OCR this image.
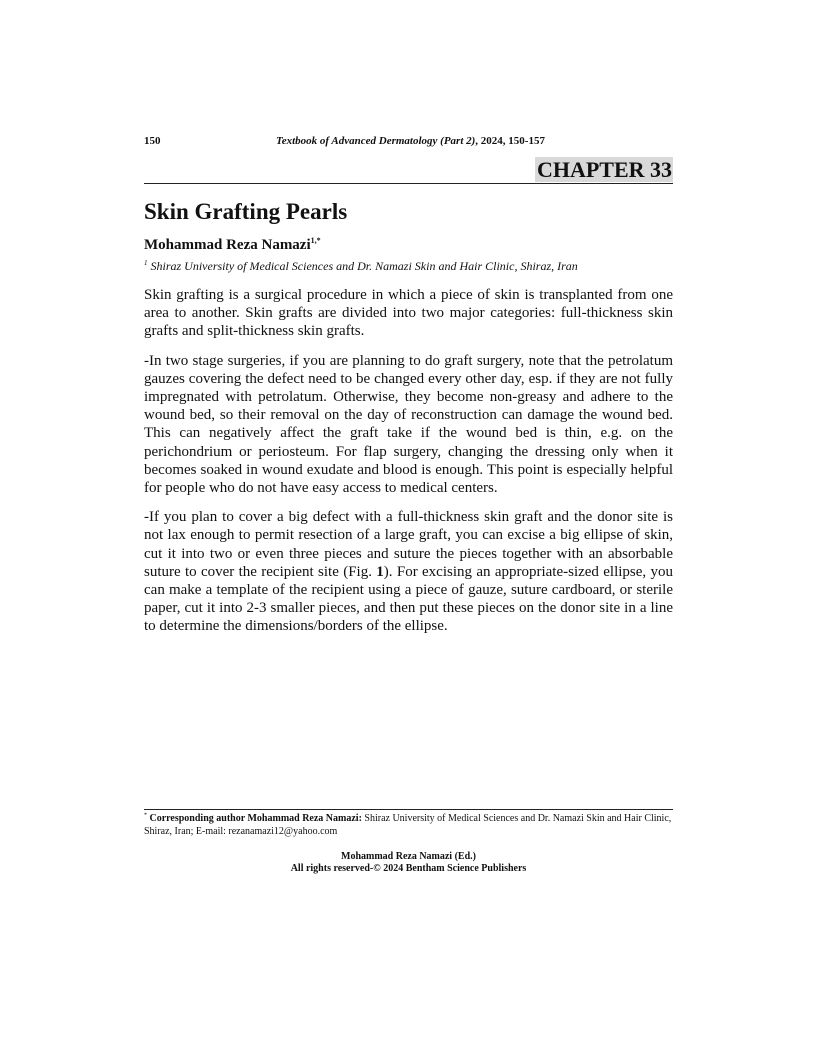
150	Textbook of Advanced Dermatology (Part 2), 2024, 150-157
CHAPTER 33
Skin Grafting Pearls
Mohammad Reza Namazi$^{1,*}$
$^1$ Shiraz University of Medical Sciences and Dr. Namazi Skin and Hair Clinic, Shiraz, Iran

Skin grafting is a surgical procedure in which a piece of skin is transplanted from one area to another. Skin grafts are divided into two major categories: full-thickness skin grafts and split-thickness skin grafts.

-In two stage surgeries, if you are planning to do graft surgery, note that the petrolatum gauzes covering the defect need to be changed every other day, esp. if they are not fully impregnated with petrolatum. Otherwise, they become non-greasy and adhere to the wound bed, so their removal on the day of reconstruction can damage the wound bed. This can negatively affect the graft take if the wound bed is thin, e.g. on the perichondrium or periosteum. For flap surgery, changing the dressing only when it becomes soaked in wound exudate and blood is enough. This point is especially helpful for people who do not have easy access to medical centers.

-If you plan to cover a big defect with a full-thickness skin graft and the donor site is not lax enough to permit resection of a large graft, you can excise a big ellipse of skin, cut it into two or even three pieces and suture the pieces together with an absorbable suture to cover the recipient site (Fig. 1). For excising an appropriate-sized ellipse, you can make a template of the recipient using a piece of gauze, suture cardboard, or sterile paper, cut it into 2-3 smaller pieces, and then put these pieces on the donor site in a line to determine the dimensions/borders of the ellipse.

* Corresponding author Mohammad Reza Namazi: Shiraz University of Medical Sciences and Dr. Namazi Skin and Hair Clinic, Shiraz, Iran; E-mail: rezanamazi12@yahoo.com
Mohammad Reza Namazi (Ed.)
All rights reserved-© 2024 Bentham Science Publishers
